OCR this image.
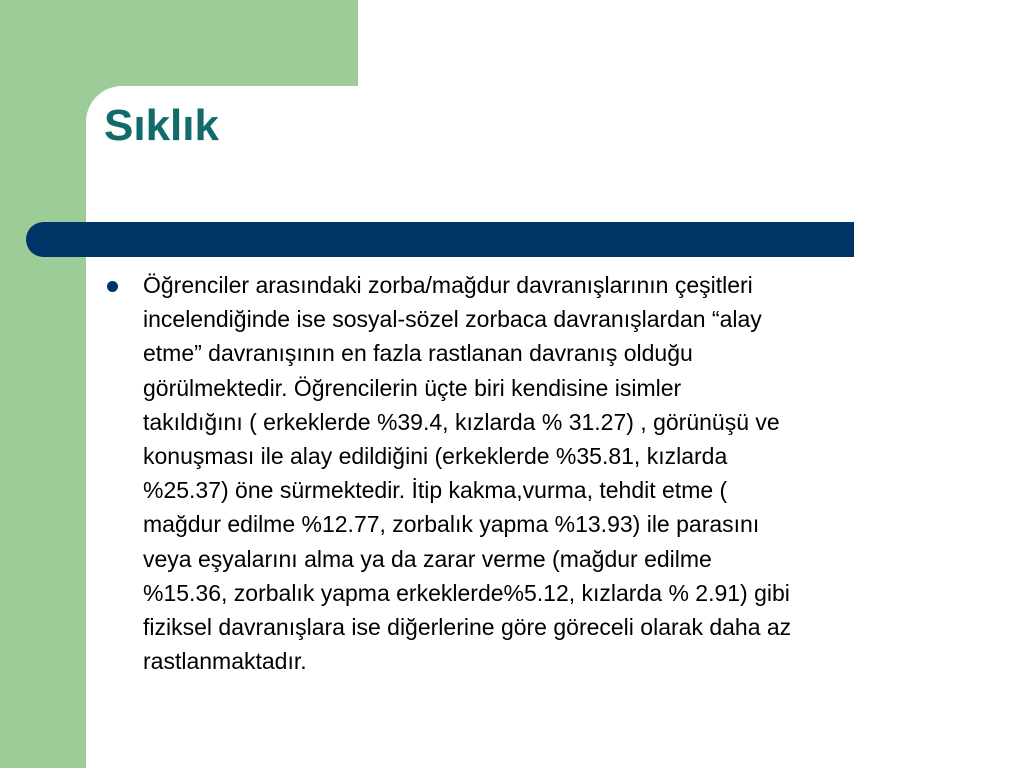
Sıklık
Öğrenciler arasındaki zorba/mağdur davranışlarının çeşitleri
incelendiğinde ise sosyal-sözel zorbaca davranışlardan “alay
etme” davranışının en fazla rastlanan davranış olduğu
görülmektedir. Öğrencilerin üçte biri kendisine isimler
takıldığını ( erkeklerde %39.4, kızlarda % 31.27) , görünüşü ve
konuşması ile alay edildiğini (erkeklerde %35.81, kızlarda
%25.37) öne sürmektedir. İtip kakma,vurma, tehdit etme (
mağdur edilme %12.77, zorbalık yapma %13.93) ile parasını
veya eşyalarını alma ya da zarar verme (mağdur edilme
%15.36, zorbalık yapma erkeklerde%5.12, kızlarda % 2.91) gibi
fiziksel davranışlara ise diğerlerine göre göreceli olarak daha az
rastlanmaktadır.
